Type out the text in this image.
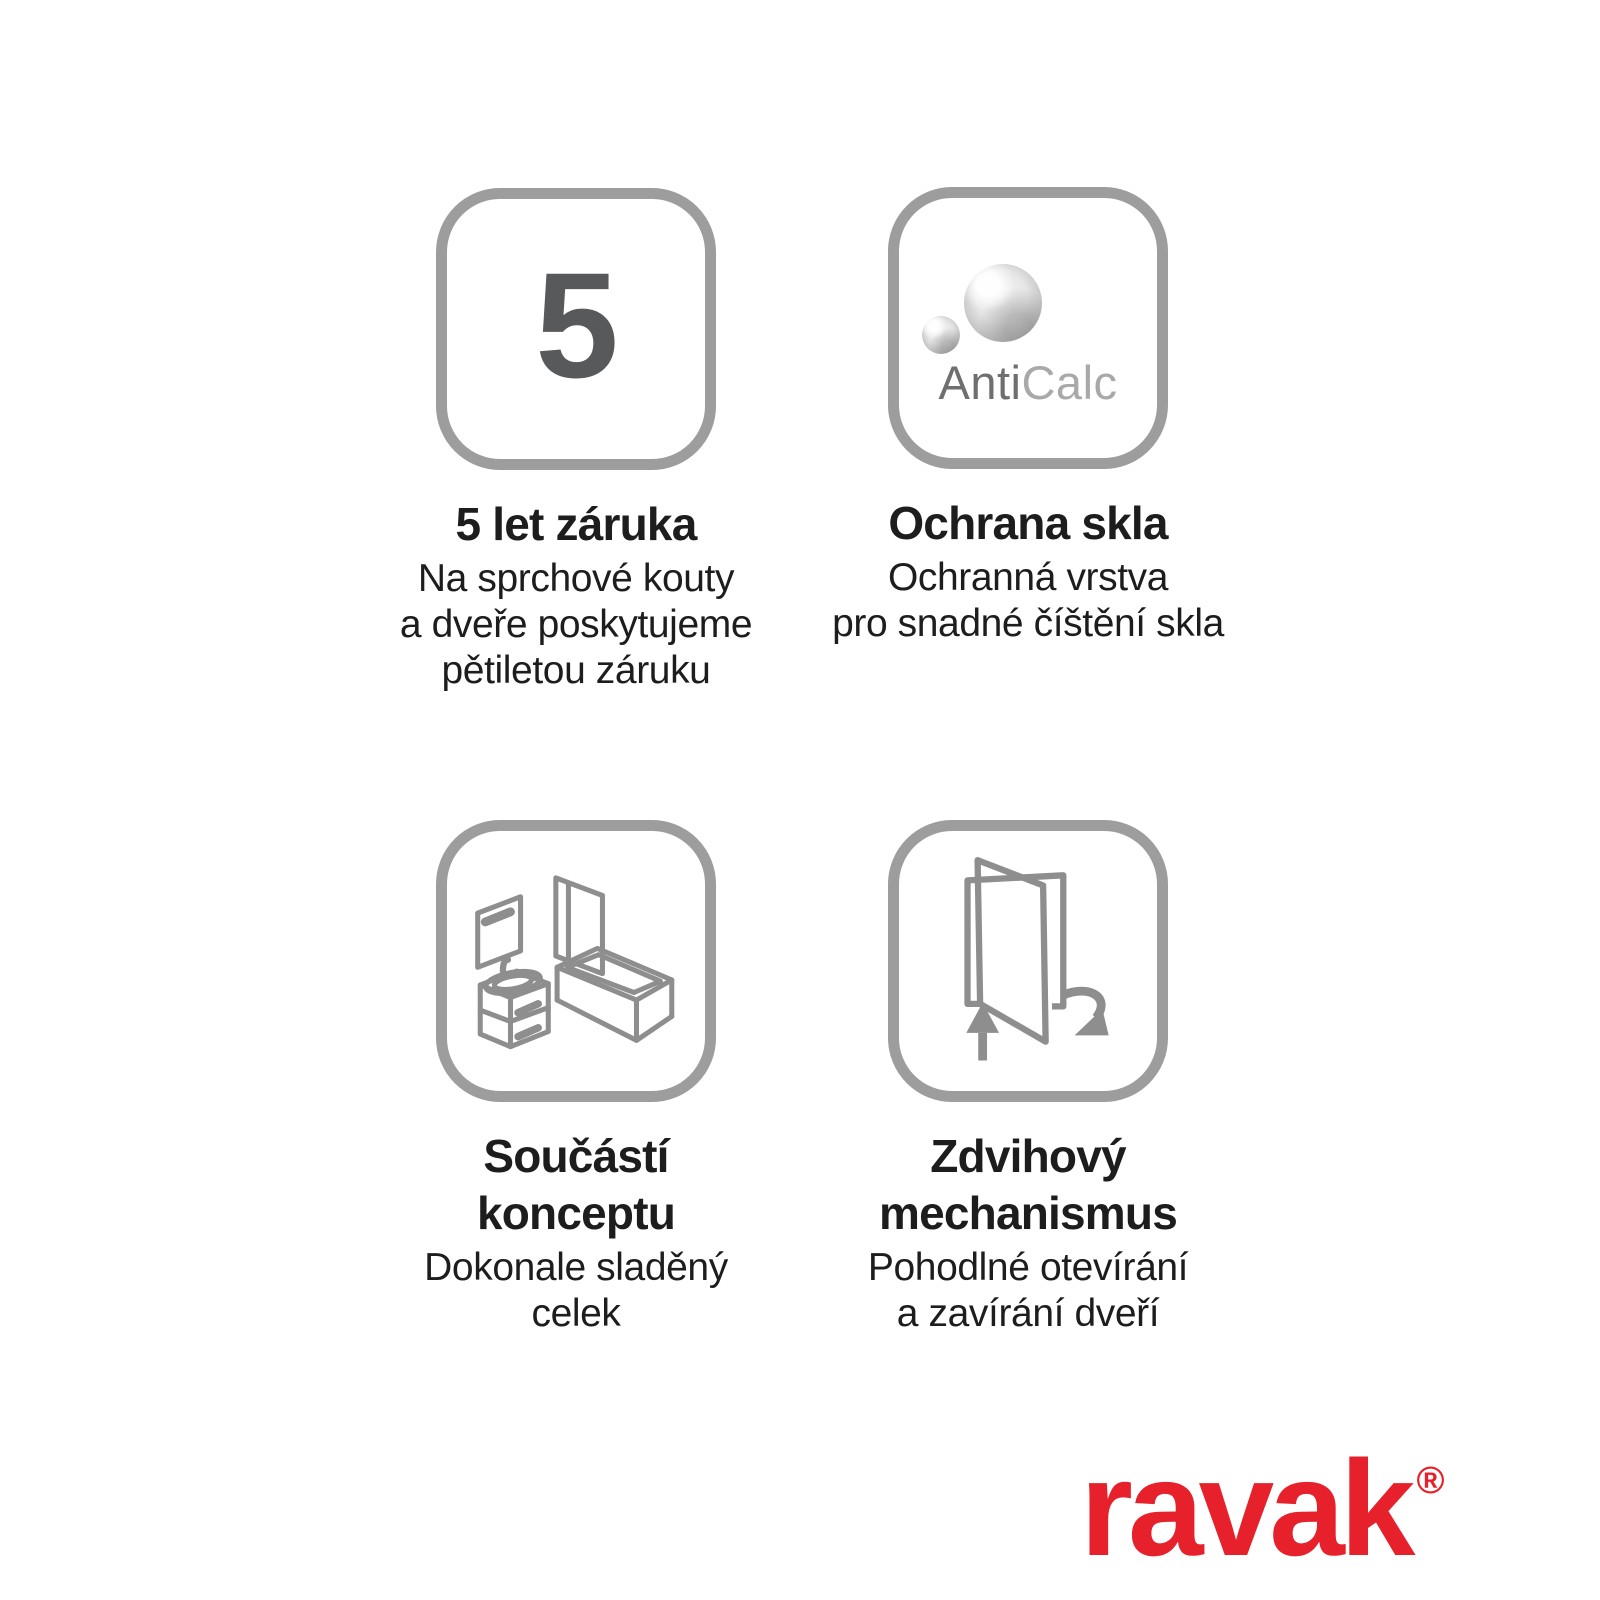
5
5 let záruka
Na sprchové kouty
a dveře poskytujeme
pětiletou záruku
AntiCalc
Ochrana skla
Ochranná vrstva
pro snadné číštění skla
Součástí
konceptu
Dokonale sladěný
celek
Zdvihový
mechanismus
Pohodlné otevírání
a zavírání dveří
ravak ®
